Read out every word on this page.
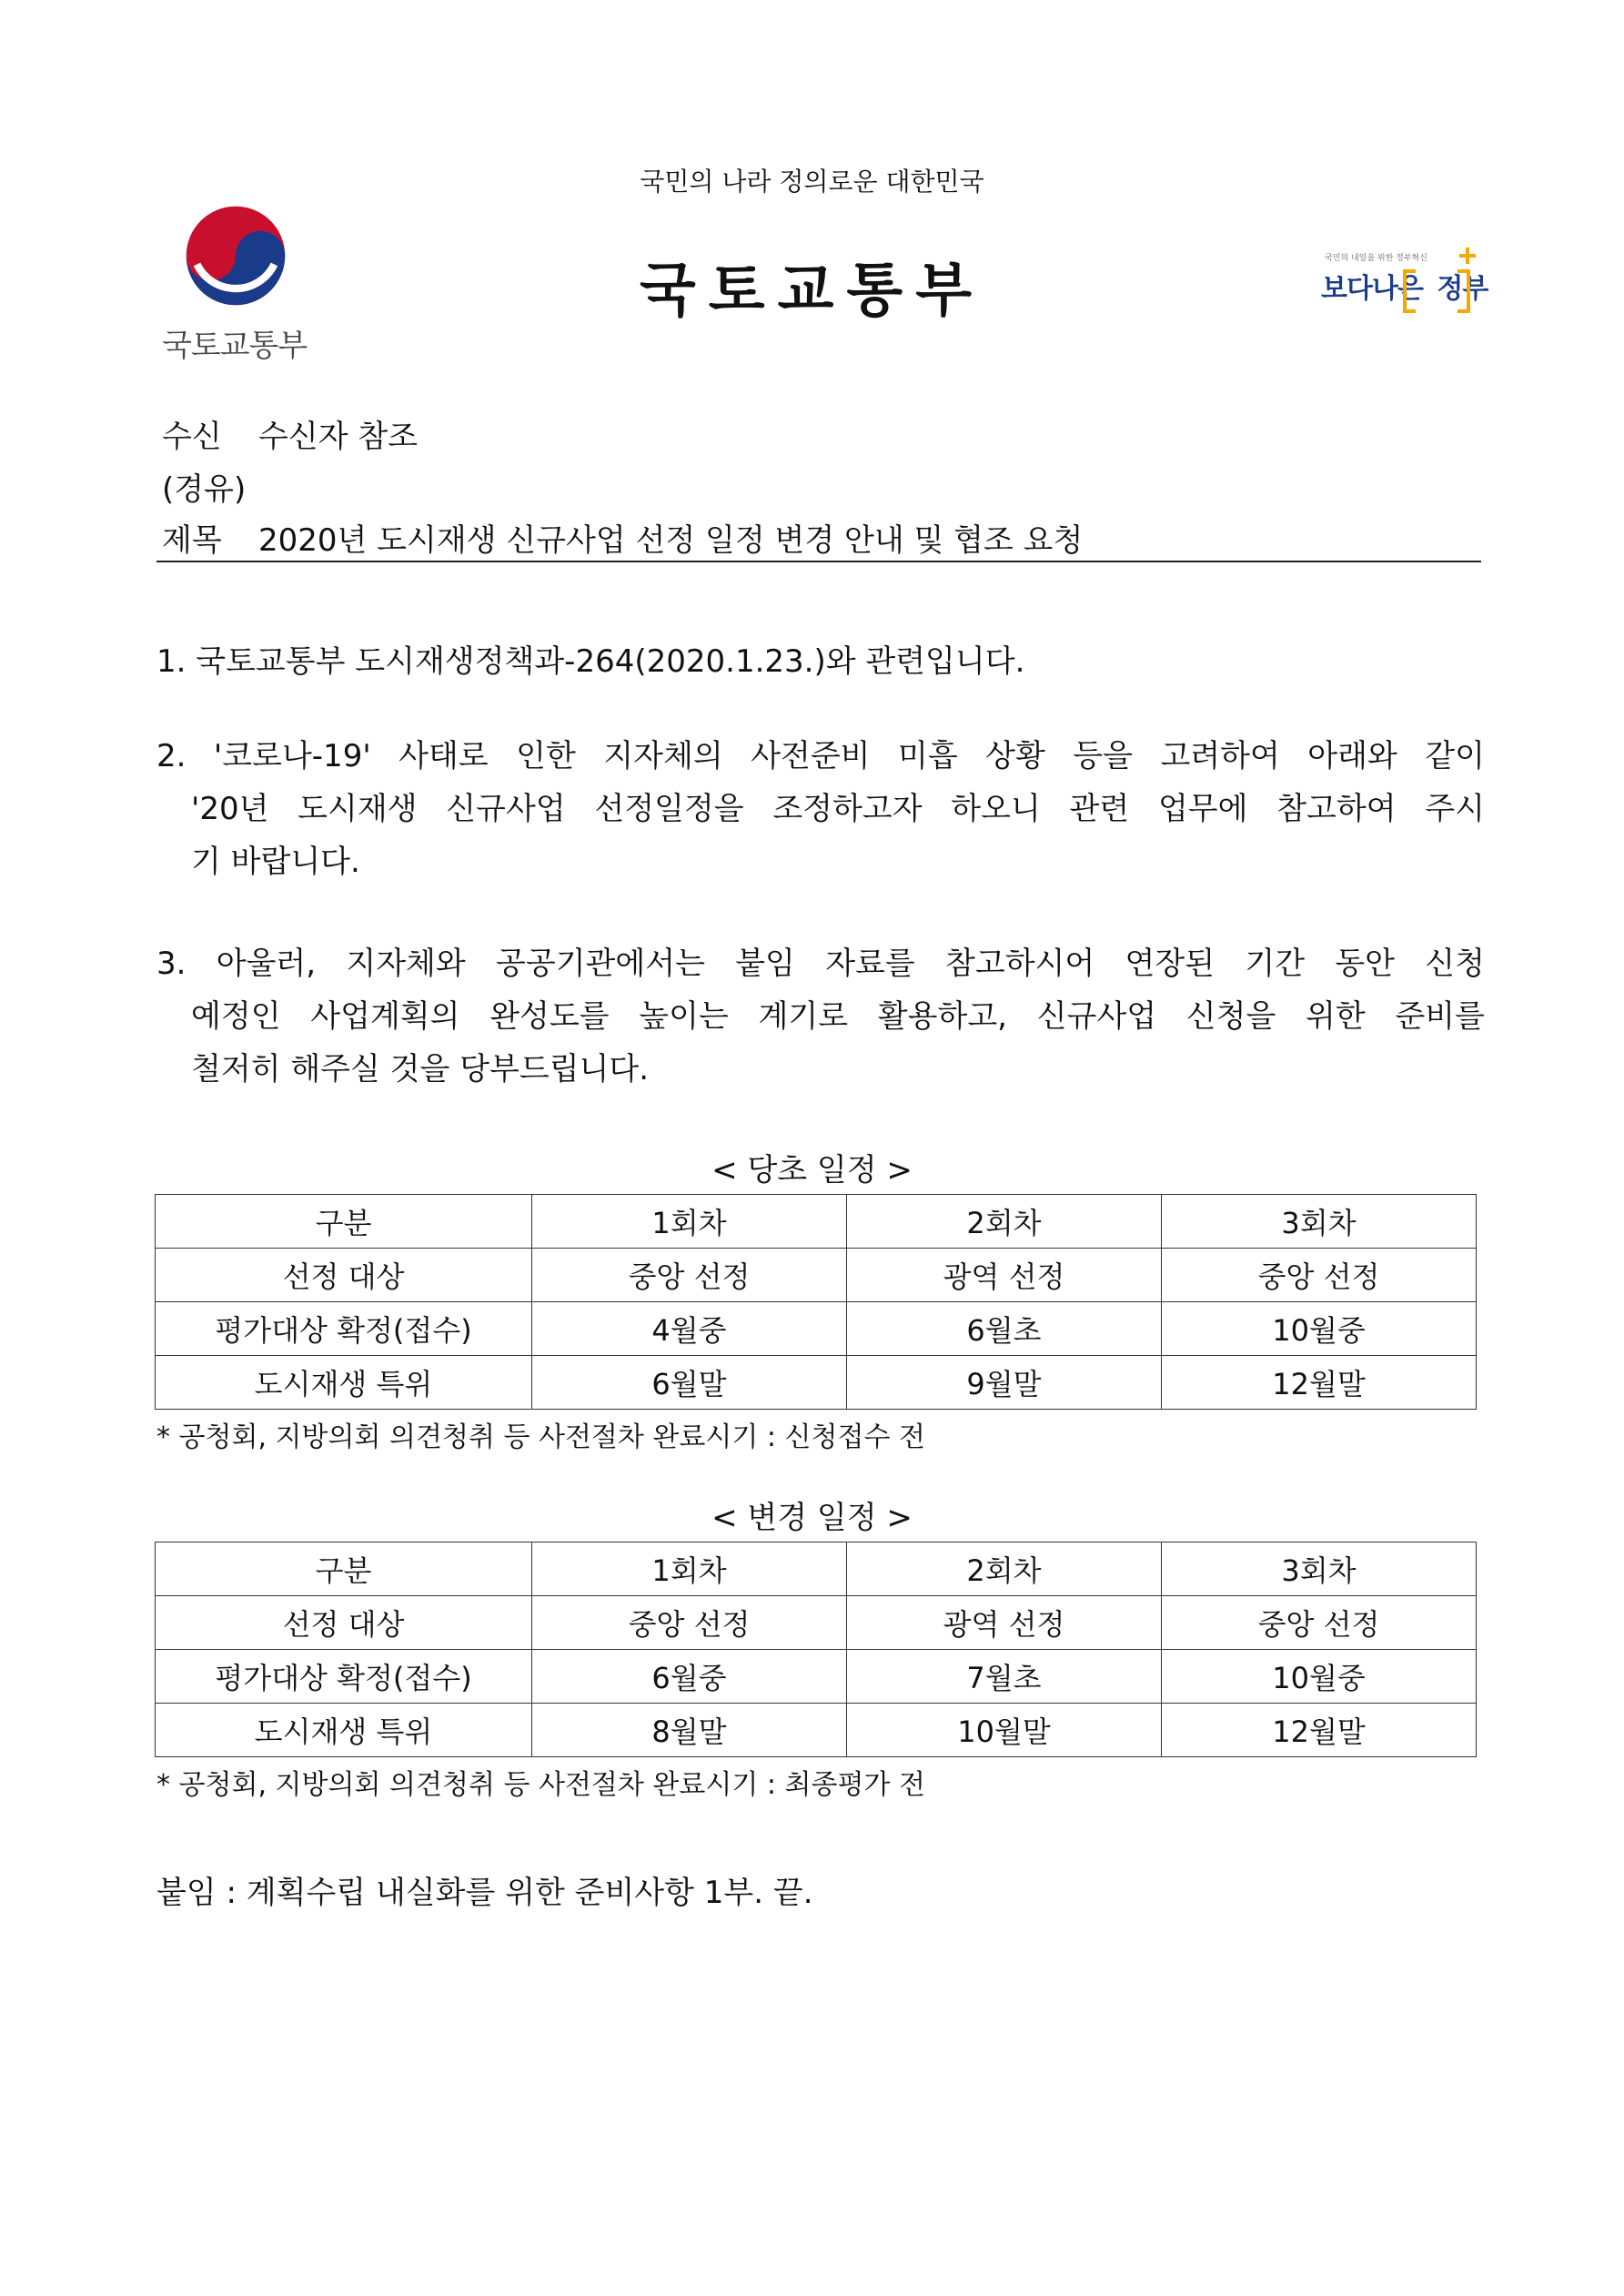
국민의 나라 정의로운 대한민국
국토교통부
국토교통부
국민의 내일을 위한 정부혁신
보다나은 정부
수신 수신자 참조
(경유)
제목 2020년 도시재생 신규사업 선정 일정 변경 안내 및 협조 요청
1. 국토교통부 도시재생정책과-264(2020.1.23.)와 관련입니다.
2. '코로나-19' 사태로 인한 지자체의 사전준비 미흡 상황 등을 고려하여 아래와 같이
'20년 도시재생 신규사업 선정일정을 조정하고자 하오니 관련 업무에 참고하여 주시
기 바랍니다.
3. 아울러, 지자체와 공공기관에서는 붙임 자료를 참고하시어 연장된 기간 동안 신청
예정인 사업계획의 완성도를 높이는 계기로 활용하고, 신규사업 신청을 위한 준비를
철저히 해주실 것을 당부드립니다.
< 당초 일정 >
구분	1회차	2회차	3회차
선정 대상	중앙 선정	광역 선정	중앙 선정
평가대상 확정(접수)	4월중	6월초	10월중
도시재생 특위	6월말	9월말	12월말
* 공청회, 지방의회 의견청취 등 사전절차 완료시기 : 신청접수 전
< 변경 일정 >
구분	1회차	2회차	3회차
선정 대상	중앙 선정	광역 선정	중앙 선정
평가대상 확정(접수)	6월중	7월초	10월중
도시재생 특위	8월말	10월말	12월말
* 공청회, 지방의회 의견청취 등 사전절차 완료시기 : 최종평가 전
붙임 : 계획수립 내실화를 위한 준비사항 1부. 끝.
